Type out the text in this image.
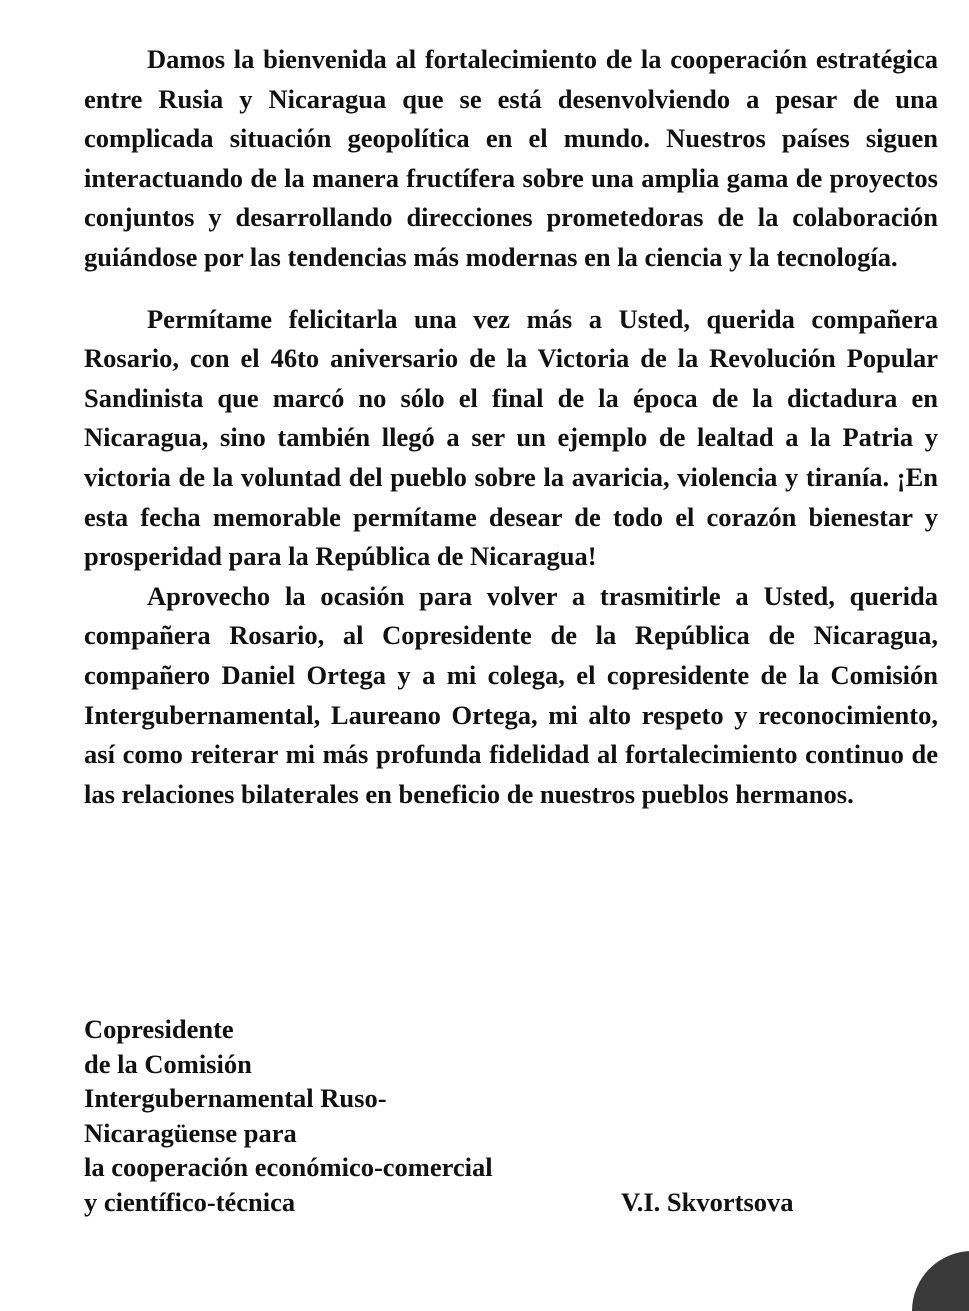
Damos la bienvenida al fortalecimiento de la cooperación estratégica entre Rusia y Nicaragua que se está desenvolviendo a pesar de una complicada situación geopolítica en el mundo. Nuestros países siguen interactuando de la manera fructífera sobre una amplia gama de proyectos conjuntos y desarrollando direcciones prometedoras de la colaboración guiándose por las tendencias más modernas en la ciencia y la tecnología.

Permítame felicitarla una vez más a Usted, querida compañera Rosario, con el 46to aniversario de la Victoria de la Revolución Popular Sandinista que marcó no sólo el final de la época de la dictadura en Nicaragua, sino también llegó a ser un ejemplo de lealtad a la Patria y victoria de la voluntad del pueblo sobre la avaricia, violencia y tiranía. ¡En esta fecha memorable permítame desear de todo el corazón bienestar y prosperidad para la República de Nicaragua!

Aprovecho la ocasión para volver a trasmitirle a Usted, querida compañera Rosario, al Copresidente de la República de Nicaragua, compañero Daniel Ortega y a mi colega, el copresidente de la Comisión Intergubernamental, Laureano Ortega, mi alto respeto y reconocimiento, así como reiterar mi más profunda fidelidad al fortalecimiento continuo de las relaciones bilaterales en beneficio de nuestros pueblos hermanos.

Copresidente
de la Comisión
Intergubernamental Ruso-
Nicaragüense para
la cooperación económico-comercial
y científico-técnica	V.I. Skvortsova
